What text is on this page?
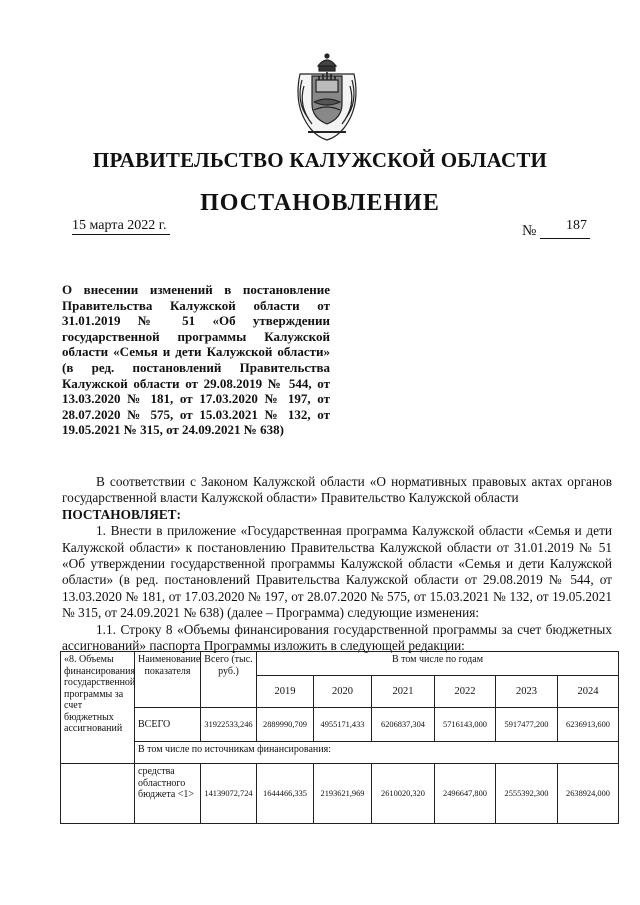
ПРАВИТЕЛЬСТВО КАЛУЖСКОЙ ОБЛАСТИ
ПОСТАНОВЛЕНИЕ
15 марта 2022 г.	№ 187

О внесении изменений в постановление Правительства Калужской области от 31.01.2019 № 51 «Об утверждении государственной программы Калужской области «Семья и дети Калужской области» (в ред. постановлений Правительства Калужской области от 29.08.2019 № 544, от 13.03.2020 № 181, от 17.03.2020 № 197, от 28.07.2020 № 575, от 15.03.2021 № 132, от 19.05.2021 № 315, от 24.09.2021 № 638)

В соответствии с Законом Калужской области «О нормативных правовых актах органов государственной власти Калужской области» Правительство Калужской области

ПОСТАНОВЛЯЕТ:

1. Внести в приложение «Государственная программа Калужской области «Семья и дети Калужской области» к постановлению Правительства Калужской области от 31.01.2019 № 51 «Об утверждении государственной программы Калужской области «Семья и дети Калужской области» (в ред. постановлений Правительства Калужской области от 29.08.2019 № 544, от 13.03.2020 № 181, от 17.03.2020 № 197, от 28.07.2020 № 575, от 15.03.2021 № 132, от 19.05.2021 № 315, от 24.09.2021 № 638) (далее – Программа) следующие изменения:

1.1. Строку 8 «Объемы финансирования государственной программы за счет бюджетных ассигнований» паспорта Программы изложить в следующей редакции:

«8. Объемы финансирования государственной программы за счет бюджетных ассигнований	Наименование показателя	Всего (тыс. руб.)	В том числе по годам					
			2019	2020	2021	2022	2023	2024
	ВСЕГО	31922533,246	2889990,709	4955171,433	6206837,304	5716143,000	5917477,200	6236913,600
	В том числе по источникам финансирования:							
	средства областного бюджета <1>	14139072,724	1644466,335	2193621,969	2610020,320	2496647,800	2555392,300	2638924,000
